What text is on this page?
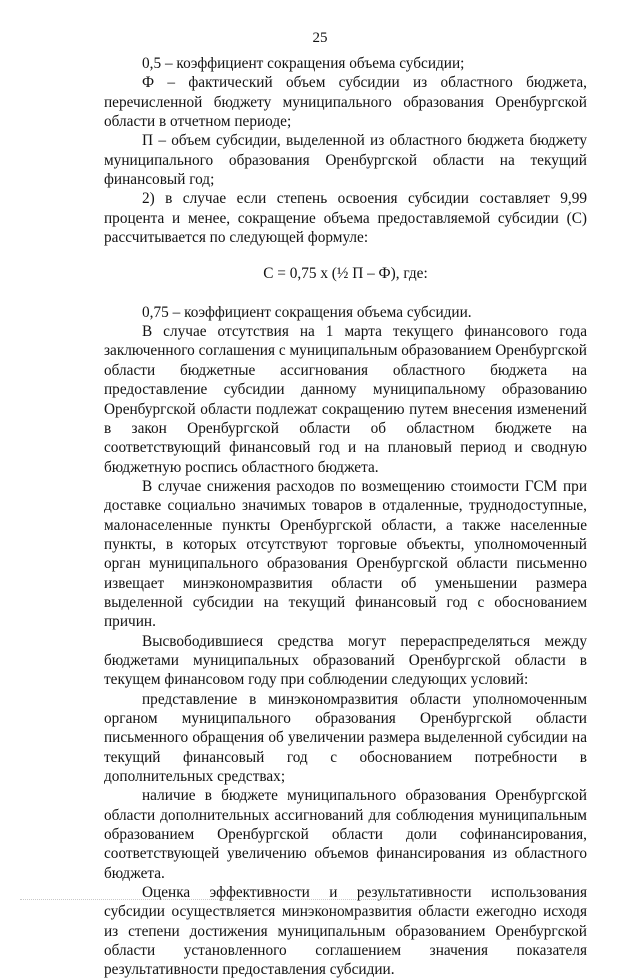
25

0,5 – коэффициент сокращения объема субсидии;

Ф – фактический объем субсидии из областного бюджета, перечисленной бюджету муниципального образования Оренбургской области в отчетном периоде;

П – объем субсидии, выделенной из областного бюджета бюджету муниципального образования Оренбургской области на текущий финансовый год;

2) в случае если степень освоения субсидии составляет 9,99 процента и менее, сокращение объема предоставляемой субсидии (С) рассчитывается по следующей формуле:

С = 0,75 х (½ П – Ф), где:

0,75 – коэффициент сокращения объема субсидии.

В случае отсутствия на 1 марта текущего финансового года заключенного соглашения с муниципальным образованием Оренбургской области бюджетные ассигнования областного бюджета на предоставление субсидии данному муниципальному образованию Оренбургской области подлежат сокращению путем внесения изменений в закон Оренбургской области об областном бюджете на соответствующий финансовый год и на плановый период и сводную бюджетную роспись областного бюджета.

В случае снижения расходов по возмещению стоимости ГСМ при доставке социально значимых товаров в отдаленные, труднодоступные, малонаселенные пункты Оренбургской области, а также населенные пункты, в которых отсутствуют торговые объекты, уполномоченный орган муниципального образования Оренбургской области письменно извещает минэкономразвития области об уменьшении размера выделенной субсидии на текущий финансовый год с обоснованием причин.

Высвободившиеся средства могут перераспределяться между бюджетами муниципальных образований Оренбургской области в текущем финансовом году при соблюдении следующих условий:

представление в минэкономразвития области уполномоченным органом муниципального образования Оренбургской области письменного обращения об увеличении размера выделенной субсидии на текущий финансовый год с обоснованием потребности в дополнительных средствах;

наличие в бюджете муниципального образования Оренбургской области дополнительных ассигнований для соблюдения муниципальным образованием Оренбургской области доли софинансирования, соответствующей увеличению объемов финансирования из областного бюджета.

Оценка эффективности и результативности использования субсидии осуществляется минэкономразвития области ежегодно исходя из степени достижения муниципальным образованием Оренбургской области установленного соглашением значения показателя результативности предоставления субсидии.
